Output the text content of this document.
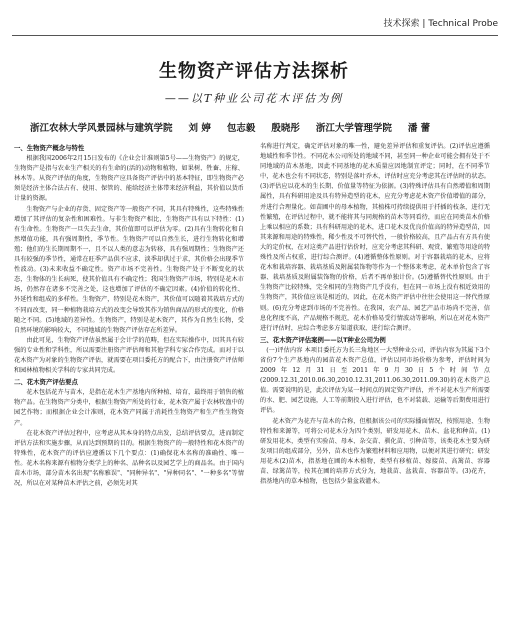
技术探索 | Technical Probe
生物资产评估方法探析
——以T种业公司花木评估为例
浙江农林大学风景园林与建筑学院 刘 婷 包志毅 殷晓彤 浙江大学管理学院 潘 蕾
一、生物资产概念与特性

根据我国2006年2月15日发布的《企业会计准则第5号——生物资产》的规定，生物资产是指与农业生产相关的有生命的(活的)动物和植物，如果树、牲畜、庄稼、林木等。从资产评估的角度，生物资产应具备资产评估中的基本特征，即生物资产必须是经济主体合法占有、使用、保管的、能给经济主体带来经济利益，其价值以货币计量的资源。

生物资产与企业的存货、固定资产等一般资产不同，其具有特殊性，这些特殊性增加了其评估的复杂性和困难性。与非生物资产相比，生物资产具有以下特性：(1)有生命性。生物资产一旦失去生命，其价值即可以评估为零。(2)具有生物转化和自然增值功能，具有强周期性，季节性。生物资产可以自然生长，进行生物转化和增殖；他们的生长期周期不一，且不以人类的意志为转移，具有强周期性；生物资产还具有较强的季节性，通常在旺季产品供不应求，淡季却供过于求，其价格会出现季节性波动。(3)未来收益不确定性。资产市场不完善性。生物资产处于不断变化的状态，生物体的生长病死，使其价值具有不确定性；我国生物资产市场，特别是花木市场，仍然存在诸多不完善之处，这也增加了评估的不确定因素。(4)价值的转化性、外延性和组成的多样性。生物资产，特别是花木资产，其价值可以随着其栽培方式的不同而改变，同一种植物栽培方式的改变会导致其作为销售商品的形式的变化，价格随之不同。(5)地域的差异性。生物资产，特别是花木资产，其作为自然生长物，受自然环境的影响较大，不同地域的生物资产评估存在所差异。

由此可见，生物资产评估虽然属于会计学的范畴，但在实际操作中，因其具有较强的专业性和学科性，所以需要注册资产评估师和其他学科专家合作完成。而对于以花木资产为对象的生物资产评估，就需要在项目委托方的配合下，由注册资产评估师和园林植物相关学科的专家共同完成。

二、花木资产评估要点

花木包括花卉与苗木，是指在花木生产基地内所种植、培育，最终用于销售的植物产品。在生物资产分类中，根据生物资产所处的行业，花木资产属于农林牧渔中的园艺作物；而根据企业会计准则，花木资产同属于消耗性生物资产和生产性生物资产。

在花木资产评估过程中，应考虑从其本身的特点出发，总结评估要点，进而制定评估方法和实施步骤，从而达到预期的目的。根据生物资产的一般特性和花木资产的特殊性，花木资产的评估应遵循以下几个要点：(1)确保花木名称的准确性、唯一性。花木名称来源有植物分类学上的种名、品种名以及园艺学上的商品名。由于国内苗木市场，部分苗木名出现"名称雅误"、"同种异名"、"异种同名"、"一种多名"等情况，所以在对某种苗木评估之前，必须先对其

名称进行判定，确定评估对象的唯一性，避免差异评估和重复评估。(2)评估应遵循地域性和季节性。不同花木公司所处的地域不同，甚至同一种企业可能会拥有处于不同地域的苗木基地，因此不同基地的花木质量应因地制宜评定；同时，在不同季节中，花木也会有不同状态，特别是落叶乔木，评估时应充分考虑其在评估时的状态。(3)评估应以花木的生长期、价值量等特征为依据。(3)特殊评估具有自然增值和周期属性，具有科研用途及具有特异造型的花木，应充分考虑花木资产价值增值的部分，并进行合理量化。如苗圃中的母本植物，其植株可持续提供用于扦插的枝条，进行无性繁殖，在评估过程中，就不能将其与同规格的苗木等同看待，而应在同类苗木价格上乘以相应的系数；具有科研用途的花木，进口花木及优良价值高的特异造型苗，因其来源和用途的特殊性，稀少性及不可替代性，一般价格较高，且产品占有方具有使大的定价权，在对这类产品进行估价时，应充分考虑其科研、观赏、繁殖等用途的特殊性及所占权重，进行综合测评。(4)遵循整体性原则。对于容器栽培的花木，应将花木和栽培容器、栽培基质及附属装饰物等作为一个整体来考虑，花木单价包含了容器、栽培基质及附属装饰物的价格，后者不再单独计价。(5)遵循替代性原则。由于生物资产比较特殊，完全相同的生物资产几乎没有，但在同一市场上没有相近效用的生物资产，其价值应该是相近的，因此，在花木资产评估中往往会使用这一替代性原则。(6)充分考虑到市场的不完善性。在我国，农产品、园艺产品市场尚不完善，信息化程度不高，产品规格不规范，花木价格易受行情波动等影响，所以在对花木资产进行评估时，应综合考虑多方渠道获取，进行综合测评。

三、花木资产评估案例——以T种业公司为例
(一)评估内容 本项目委托方为长三角地区一大型种业公司，评估内容为其属下3个省份7个生产基地内的园苗花木资产总值，评估以同市场价格为参考，评估时间为2009年12月31日至2011年9月30日5个时间节点(2009.12.31,2010.06.30,2010.12.31,2011.06.30,2011.09.30)的花木资产总值。需要说明的是，此次评估为某一时间点的固定资产评估，并不对花木生产所需要的水、肥、园艺设施，人工等前期投入进行评估，也不对装载、运输等后期费用进行评估。

花木资产为花卉与苗木的合称，但根据该公司的实际播面情况，按照用途、生物特性和来源等，可将公司花木分为四个类别，研发用花木、苗木、盆花和种苗。(1)研发用花木，类型有实验苗、母本、杂交苗、驯化苗、引种苗等，该类花木主要为研发项目的组成部分，另外，苗木也作为繁殖材料和应用物，以便对其进行研究；研发用花木(2)苗木，指基地在圃的本木植物，类型有移植苗、嫁接苗、高篱苗、容器苗、绿篱苗等，按其在圃的培养方式分为，地栽苗、盆栽苗、容器苗等。(3)花卉，指基地内的草本植物，也包括少量盆栽灌木。
